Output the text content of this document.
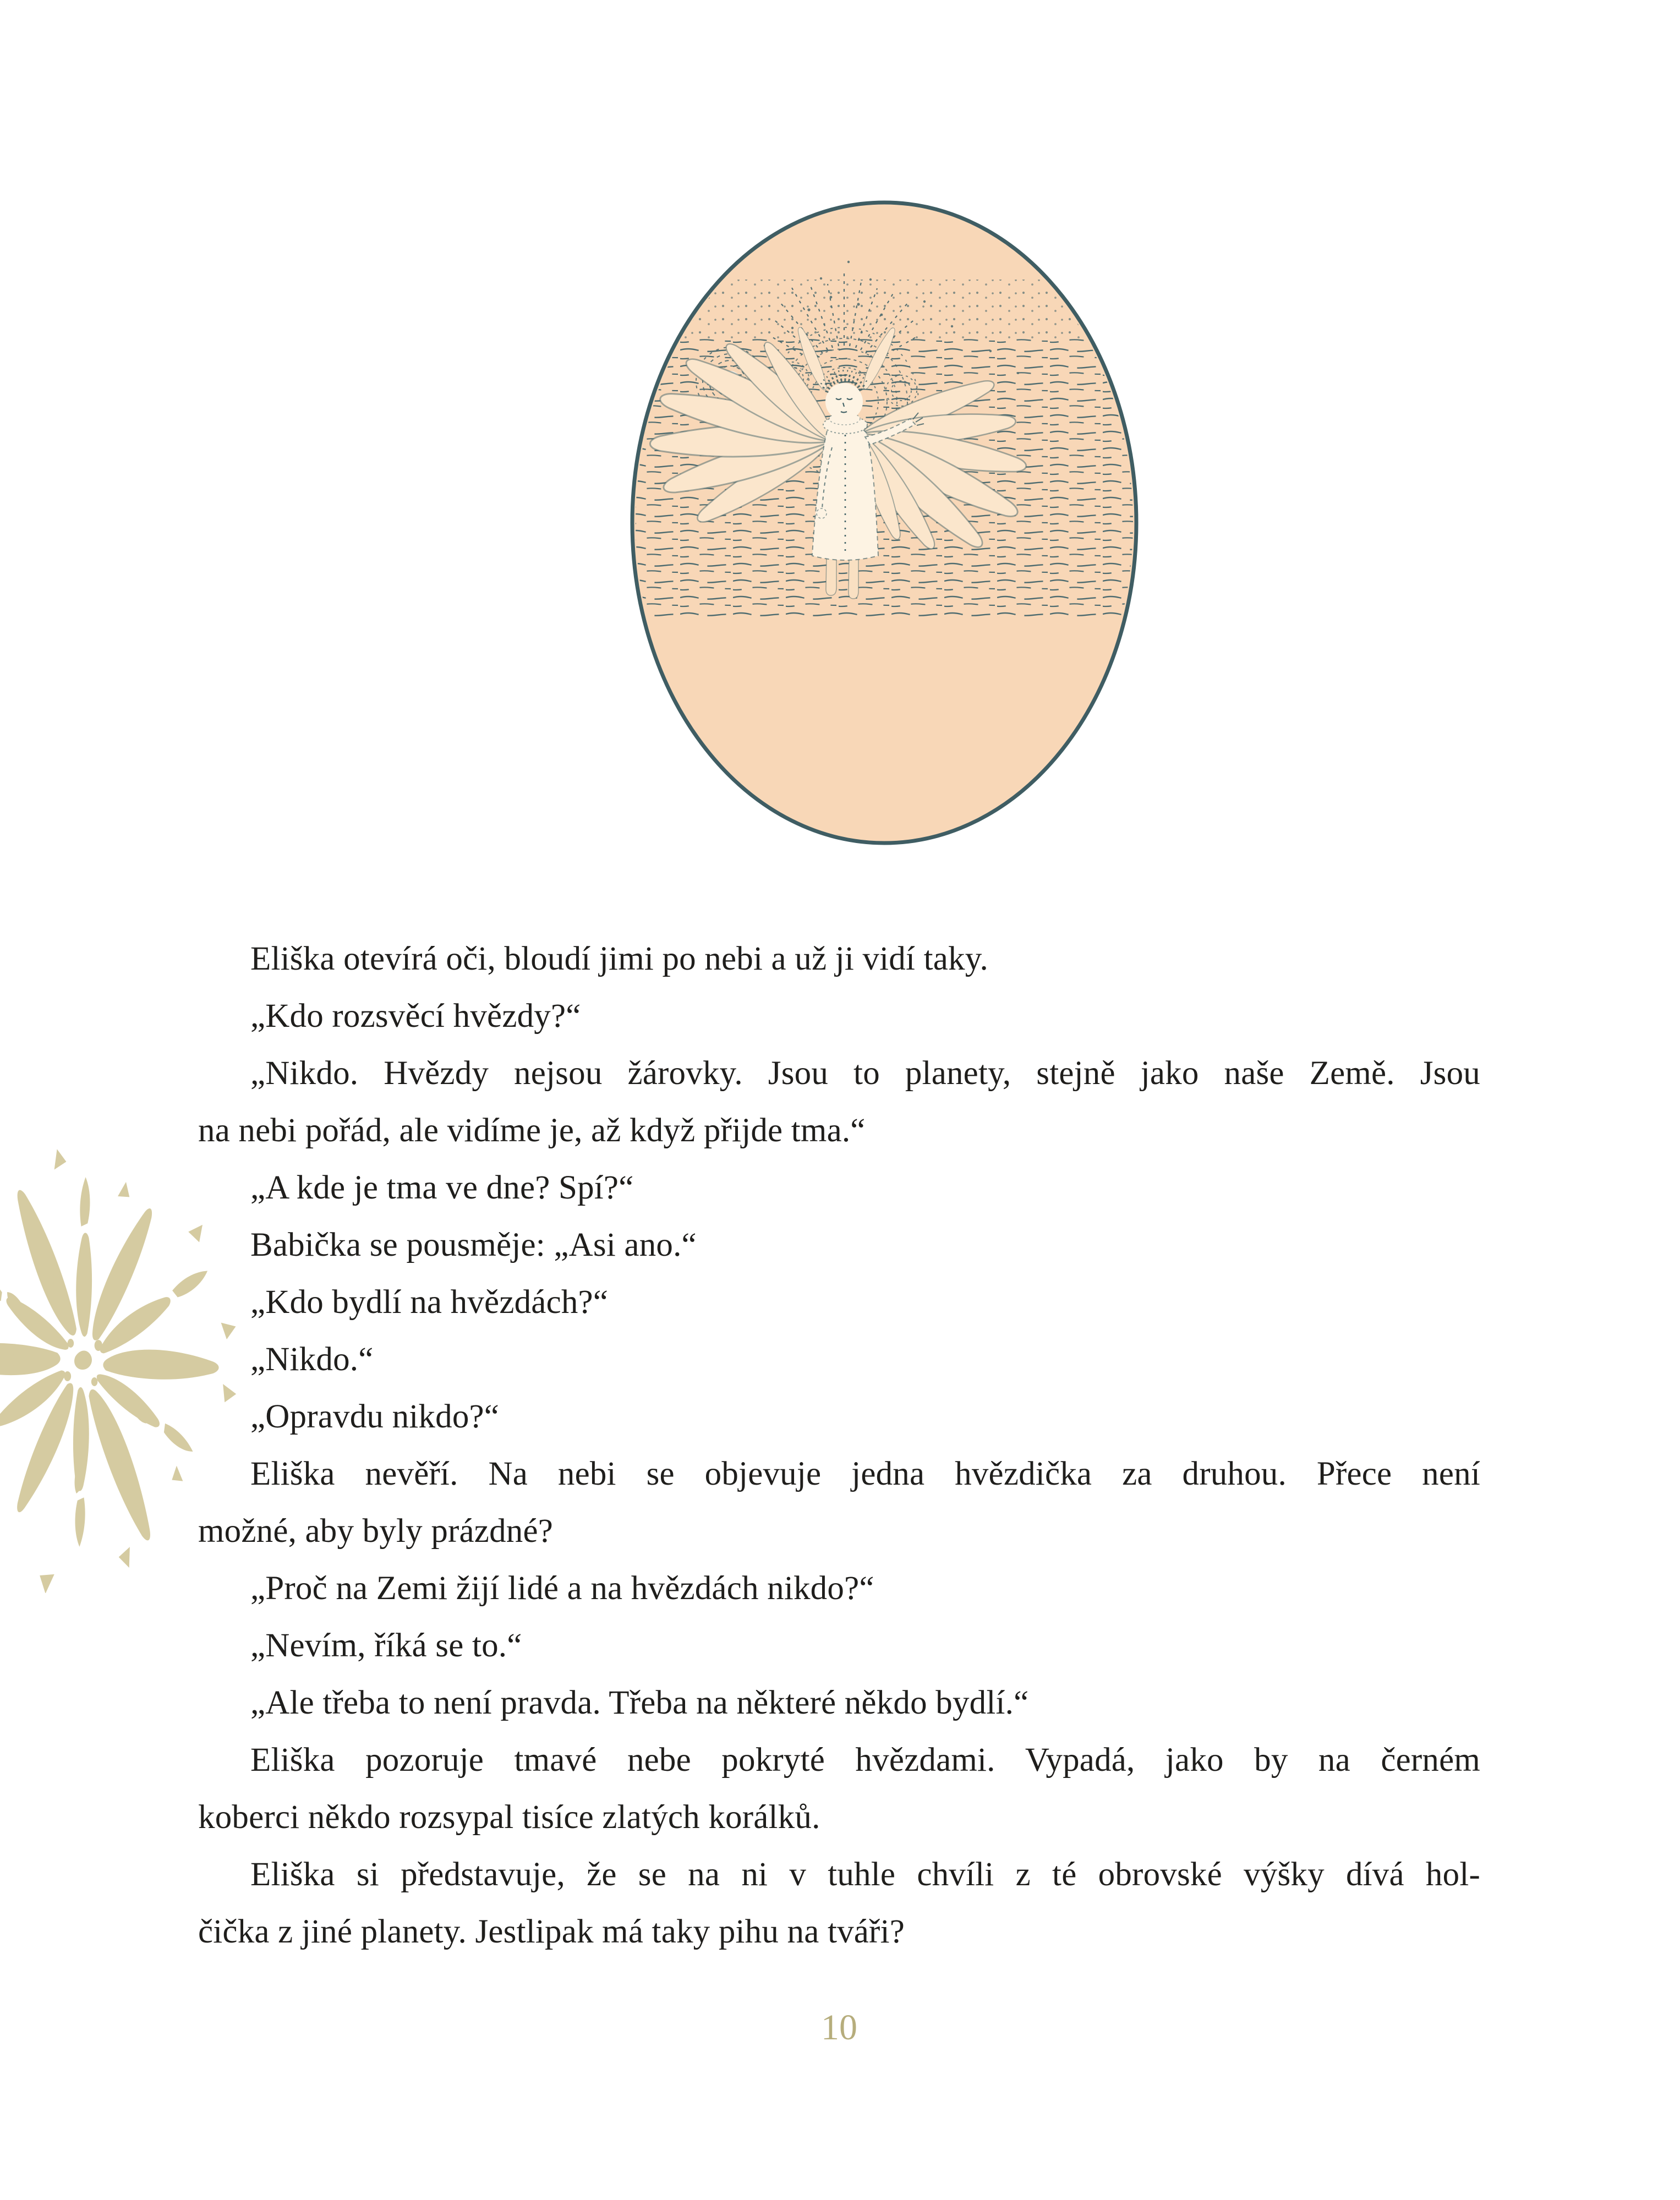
Eliška otevírá oči, bloudí jimi po nebi a už ji vidí taky.
„Kdo rozsvěcí hvězdy?“
„Nikdo. Hvězdy nejsou žárovky. Jsou to planety, stejně jako naše Země. Jsou
na nebi pořád, ale vidíme je, až když přijde tma.“
„A kde je tma ve dne? Spí?“
Babička se pousměje: „Asi ano.“
„Kdo bydlí na hvězdách?“
„Nikdo.“
„Opravdu nikdo?“
Eliška nevěří. Na nebi se objevuje jedna hvězdička za druhou. Přece není
možné, aby byly prázdné?
„Proč na Zemi žijí lidé a na hvězdách nikdo?“
„Nevím, říká se to.“
„Ale třeba to není pravda. Třeba na některé někdo bydlí.“
Eliška pozoruje tmavé nebe pokryté hvězdami. Vypadá, jako by na černém
koberci někdo rozsypal tisíce zlatých korálků.
Eliška si představuje, že se na ni v tuhle chvíli z té obrovské výšky dívá hol-
čička z jiné planety. Jestlipak má taky pihu na tváři?
10
